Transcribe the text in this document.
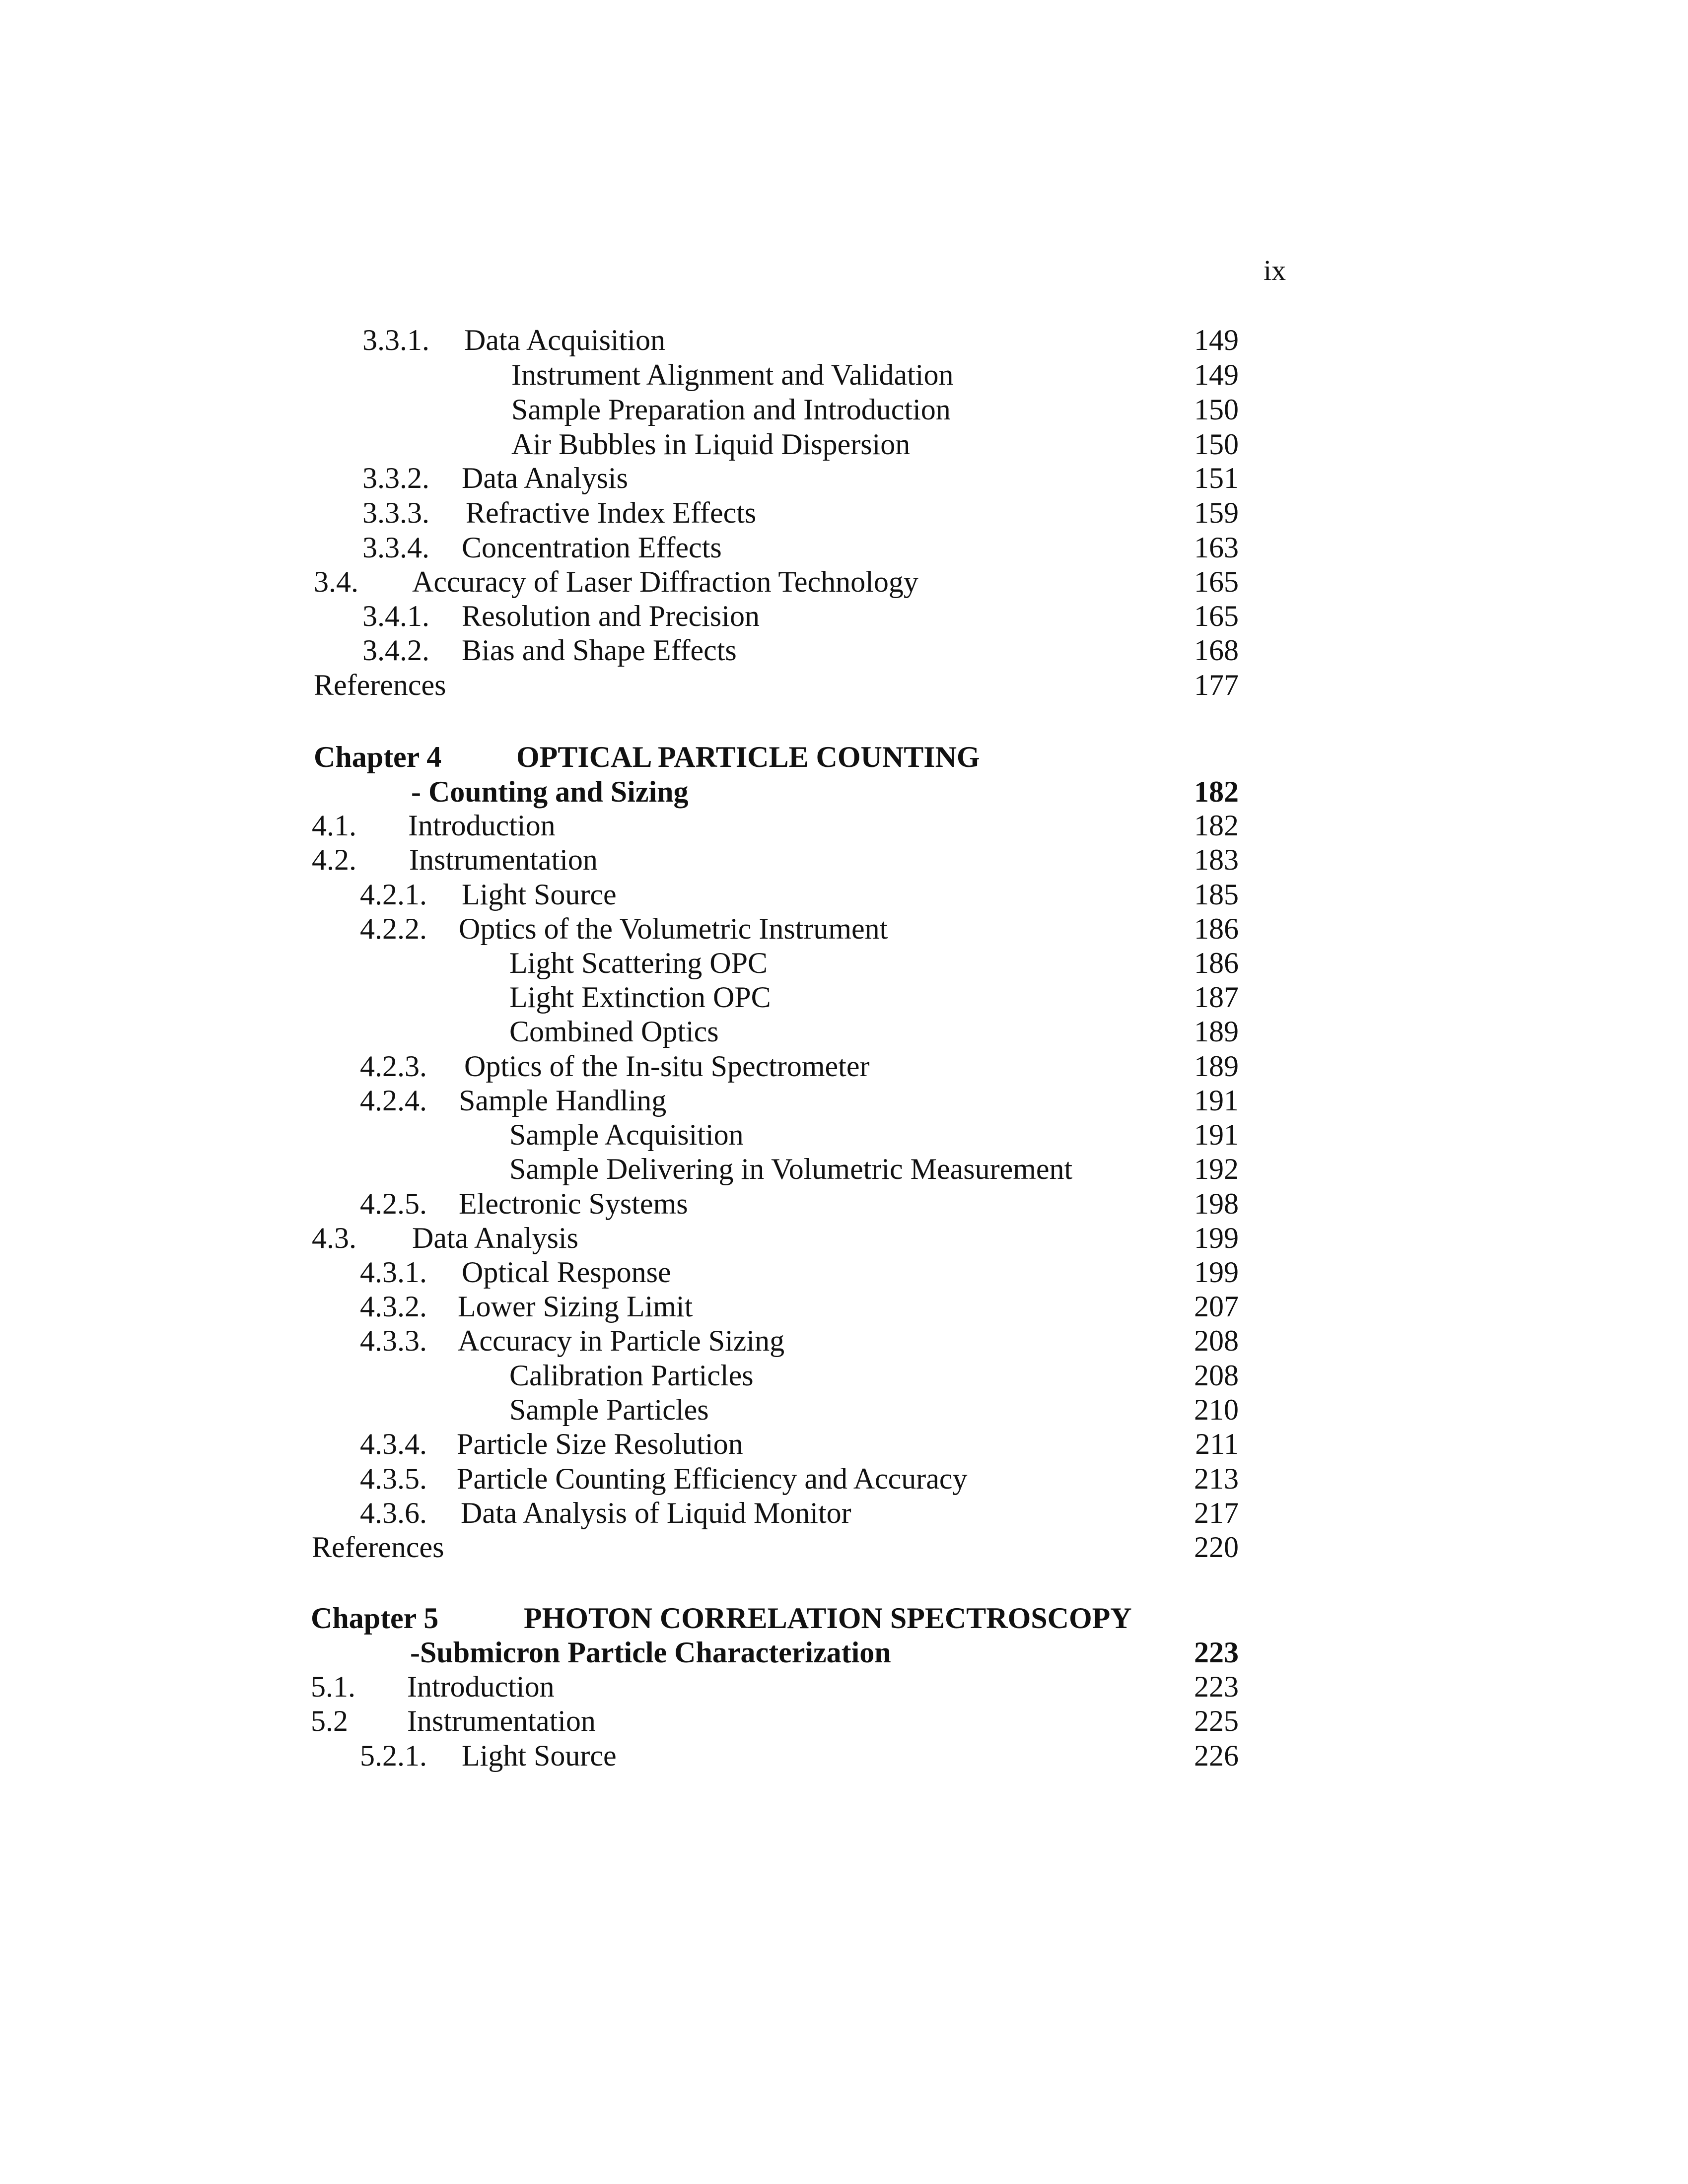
ix
3.3.1. Data Acquisition	149
Instrument Alignment and Validation	149
Sample Preparation and Introduction	150
Air Bubbles in Liquid Dispersion	150
3.3.2. Data Analysis	151
3.3.3. Refractive Index Effects	159
3.3.4. Concentration Effects	163
3.4. Accuracy of Laser Diffraction Technology	165
3.4.1. Resolution and Precision	165
3.4.2. Bias and Shape Effects	168
References	177
Chapter 4	OPTICAL PARTICLE COUNTING
- Counting and Sizing	182
4.1. Introduction	182
4.2. Instrumentation	183
4.2.1. Light Source	185
4.2.2. Optics of the Volumetric Instrument	186
Light Scattering OPC	186
Light Extinction OPC	187
Combined Optics	189
4.2.3. Optics of the In-situ Spectrometer	189
4.2.4. Sample Handling	191
Sample Acquisition	191
Sample Delivering in Volumetric Measurement	192
4.2.5. Electronic Systems	198
4.3. Data Analysis	199
4.3.1. Optical Response	199
4.3.2. Lower Sizing Limit	207
4.3.3. Accuracy in Particle Sizing	208
Calibration Particles	208
Sample Particles	210
4.3.4. Particle Size Resolution	211
4.3.5. Particle Counting Efficiency and Accuracy	213
4.3.6. Data Analysis of Liquid Monitor	217
References	220
Chapter 5	PHOTON CORRELATION SPECTROSCOPY
-Submicron Particle Characterization	223
5.1. Introduction	223
5.2 Instrumentation	225
5.2.1. Light Source	226
